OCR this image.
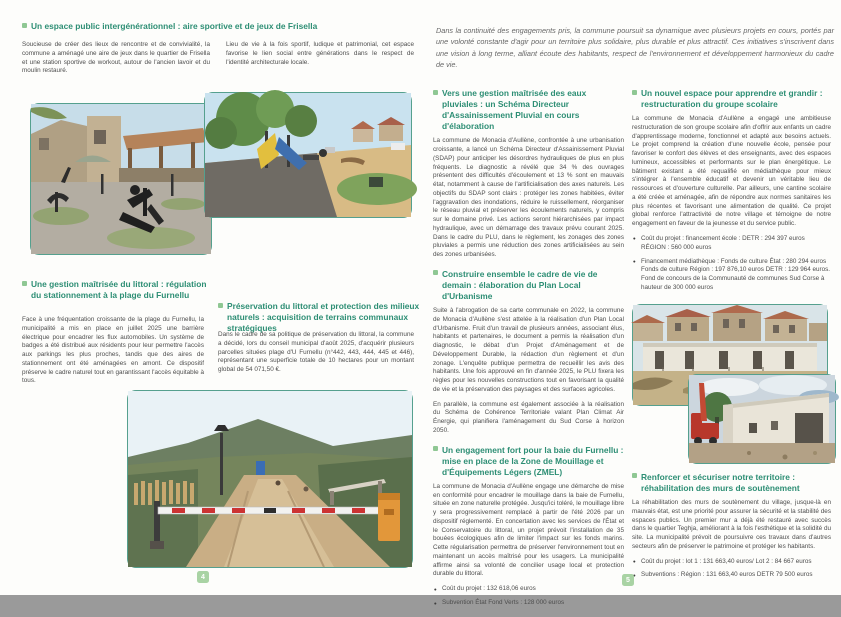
Un espace public intergénérationnel : aire sportive et de jeux de Frisella
Soucieuse de créer des lieux de rencontre et de convivialité, la commune a aménagé une aire de jeux dans le quartier de Frisella et une station sportive de workout, autour de l'ancien lavoir et du moulin restauré.
Lieu de vie à la fois sportif, ludique et patrimonial, cet espace favorise le lien social entre générations dans le respect de l'identité architecturale locale.
Une gestion maîtrisée du littoral : régulation du stationnement à la plage du Furnellu
Préservation du littoral et protection des milieux naturels : acquisition de terrains communaux stratégiques
Face à une fréquentation croissante de la plage du Furnellu, la municipalité a mis en place en juillet 2025 une barrière électrique pour encadrer les flux automobiles. Un système de badges a été distribué aux résidents pour leur permettre l'accès aux parkings les plus proches, tandis que des aires de stationnement ont été aménagées en amont. Ce dispositif préserve le cadre naturel tout en garantissant l'accès équitable à tous.
Dans le cadre de sa politique de préservation du littoral, la commune a décidé, lors du conseil municipal d'août 2025, d'acquérir plusieurs parcelles situées plage d'U Furnellu (n°442, 443, 444, 445 et 446), représentant une superficie totale de 10 hectares pour un montant global de 54 071,50 €.
4
Dans la continuité des engagements pris, la commune poursuit sa dynamique avec plusieurs projets en cours, portés par une volonté constante d'agir pour un territoire plus solidaire, plus durable et plus attractif. Ces initiatives s'inscrivent dans une vision à long terme, alliant écoute des habitants, respect de l'environnement et développement harmonieux du cadre de vie.
Vers une gestion maîtrisée des eaux pluviales : un Schéma Directeur d'Assainissement Pluvial en cours d'élaboration

La commune de Monacia d'Aullène, confrontée à une urbanisation croissante, a lancé un Schéma Directeur d'Assainissement Pluvial (SDAP) pour anticiper les désordres hydrauliques de plus en plus fréquents. Le diagnostic a révélé que 34 % des ouvrages présentent des difficultés d'écoulement et 13 % sont en mauvais état, notamment à cause de l'artificialisation des axes naturels. Les objectifs du SDAP sont clairs : protéger les zones habitées, éviter l'aggravation des inondations, réduire le ruissellement, réorganiser le réseau pluvial et préserver les écoulements naturels, y compris sur le domaine privé. Les actions seront hiérarchisées par impact hydraulique, avec un démarrage des travaux prévu courant 2025. Dans le cadre du PLU, dans le règlement, les zonages des zones pluviales a permis une réduction des zones artificialisées au sein des zones urbanisées.

Construire ensemble le cadre de vie de demain : élaboration du Plan Local d'Urbanisme

Suite à l'abrogation de sa carte communale en 2022, la commune de Monacia d'Aullène s'est attelée à la réalisation d'un Plan Local d'Urbanisme. Fruit d'un travail de plusieurs années, associant élus, habitants et partenaires, le document a permis la réalisation d'un diagnostic, le débat d'un Projet d'Aménagement et de Développement Durable, la rédaction d'un règlement et d'un zonage. L'enquête publique permettra de recueillir les avis des habitants. Une fois approuvé en fin d'année 2025, le PLU fixera les règles pour les nouvelles constructions tout en favorisant la qualité de vie et la préservation des paysages et des surfaces agricoles.

En parallèle, la commune est également associée à la réalisation du Schéma de Cohérence Territoriale valant Plan Climat Air Énergie, qui planifiera l'aménagement du Sud Corse à horizon 2050.

Un engagement fort pour la baie du Furnellu : mise en place de la Zone de Mouillage et d'Équipements Légers (ZMEL)

La commune de Monacia d'Aullène engage une démarche de mise en conformité pour encadrer le mouillage dans la baie de Furnellu, située en zone naturelle protégée. Jusqu'ici toléré, le mouillage libre y sera progressivement remplacé à partir de l'été 2026 par un dispositif réglementé. En concertation avec les services de l'État et le Conservatoire du littoral, un projet prévoit l'installation de 35 bouées écologiques afin de limiter l'impact sur les fonds marins. Cette régularisation permettra de préserver l'environnement tout en maintenant un accès maîtrisé pour les usagers. La municipalité affirme ainsi sa volonté de concilier usage local et protection durable du littoral.

• Coût du projet : 132 618,06 euros
• Subvention État Fond Verts : 128 000 euros
Un nouvel espace pour apprendre et grandir : restructuration du groupe scolaire

La commune de Monacia d'Aullène a engagé une ambitieuse restructuration de son groupe scolaire afin d'offrir aux enfants un cadre d'apprentissage moderne, fonctionnel et adapté aux besoins actuels. Le projet comprend la création d'une nouvelle école, pensée pour favoriser le confort des élèves et des enseignants, avec des espaces lumineux, accessibles et performants sur le plan énergétique. Le bâtiment existant a été requalifié en médiathèque pour mieux s'intégrer à l'ensemble éducatif et devenir un véritable lieu de ressources et d'ouverture culturelle. Par ailleurs, une cantine scolaire a été créée et aménagée, afin de répondre aux normes sanitaires les plus récentes et favorisant une alimentation de qualité. Ce projet global renforce l'attractivité de notre village et témoigne de notre engagement en faveur de la jeunesse et du service public.

• Coût du projet : financement école : DETR : 294 397 euros RÉGION : 560 000 euros
• Financement médiathèque : Fonds de culture État : 280 294 euros Fonds de culture Région : 197 876,10 euros DETR : 129 964 euros. Fond de concours de la Communauté de communes Sud Corse à hauteur de 300 000 euros
Renforcer et sécuriser notre territoire : réhabilitation des murs de soutènement

La réhabilitation des murs de soutènement du village, jusque-là en mauvais état, est une priorité pour assurer la sécurité et la stabilité des espaces publics. Un premier mur a déjà été restauré avec succès dans le quartier Teghja, améliorant à la fois l'esthétique et la solidité du site. La municipalité prévoit de poursuivre ces travaux dans d'autres secteurs afin de préserver le patrimoine et protéger les habitants.

• Coût du projet : lot 1 : 131 663,40 euros/ Lot 2 : 84 667 euros
• Subventions : Région : 131 663,40 euros DETR 79 500 euros
5
